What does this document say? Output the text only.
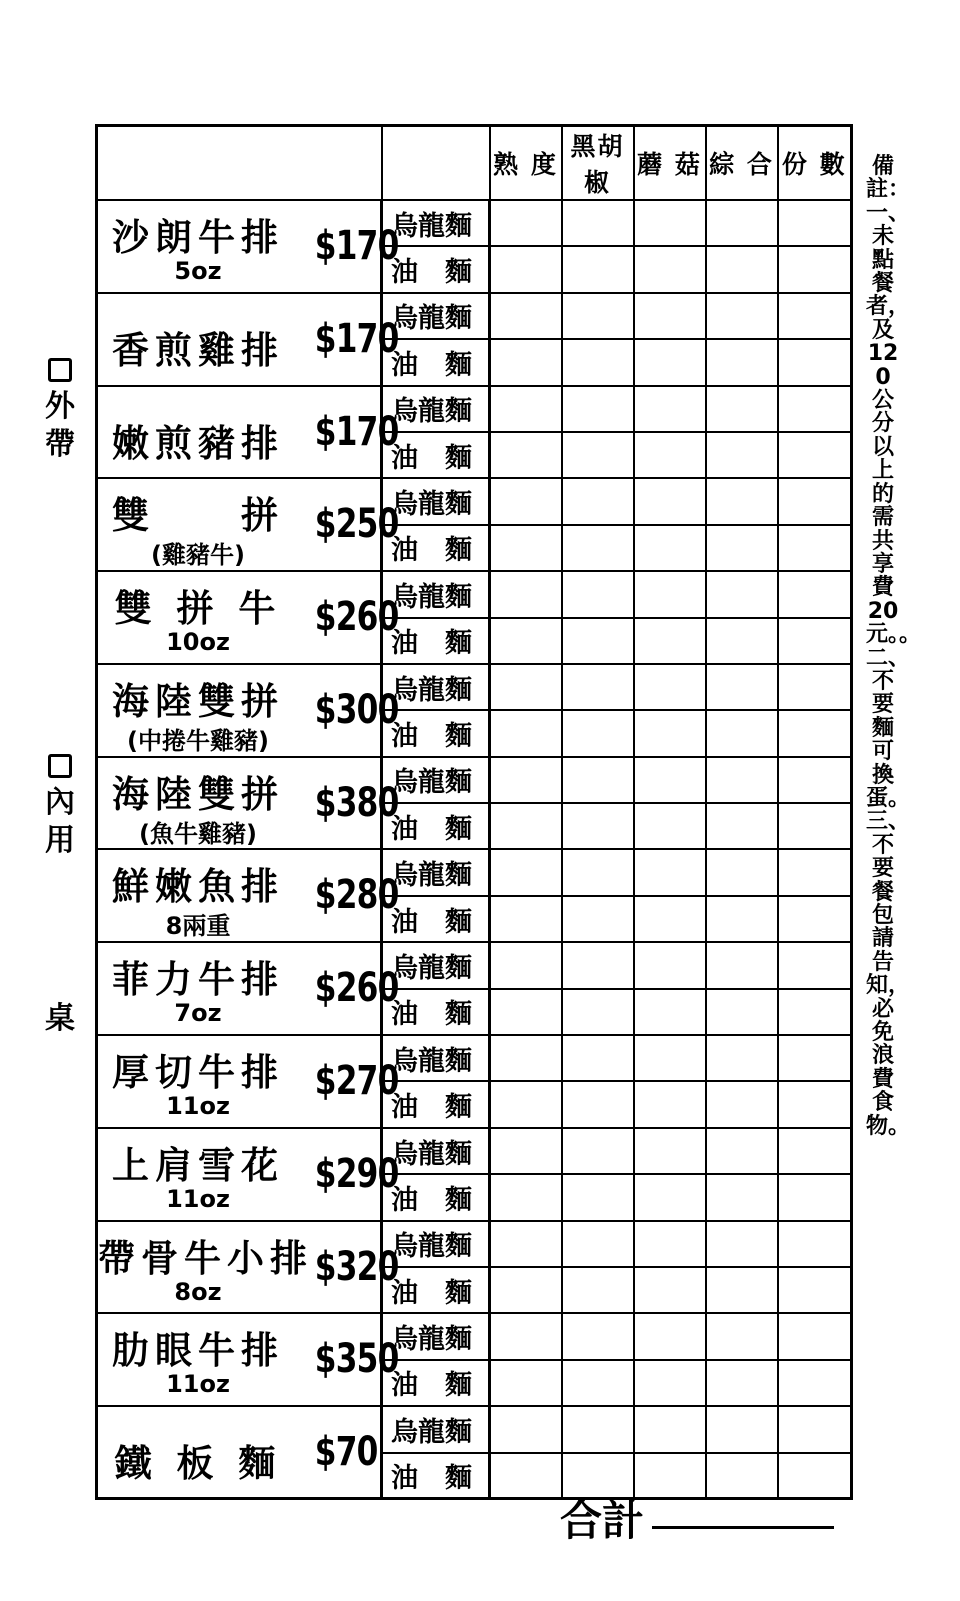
外
帶
內
用
桌
		熟 度	黑胡椒	蘑 菇	綜 合	份 數

沙朗牛排
5oz
$170	烏龍麵					
	油　麵					

香煎雞排 $170	烏龍麵					
	油　麵					

嫩煎豬排 $170	烏龍麵					
	油　麵					

雙　　拼
(雞豬牛)
$250	烏龍麵					
	油　麵					

雙 拼 牛
10oz
$260	烏龍麵					
	油　麵					

海陸雙拼
(中捲牛雞豬)
$300	烏龍麵					
	油　麵					

海陸雙拼
(魚牛雞豬)
$380	烏龍麵					
	油　麵					

鮮嫩魚排
8兩重
$280	烏龍麵					
	油　麵					

菲力牛排
7oz
$260	烏龍麵					
	油　麵					

厚切牛排
11oz
$270	烏龍麵					
	油　麵					

上肩雪花
11oz
$290	烏龍麵					
	油　麵					

帶骨牛小排
8oz
$320	烏龍麵					
	油　麵					

肋眼牛排
11oz
$350	烏龍麵					
	油　麵					

鐵 板 麵 $70	烏龍麵					
	油　麵					
備註：一、未點餐者，及120公分以上的需共享費20元。。二、不要麵可換蛋。三、不要餐包請告知，必免浪費食物。
合計
